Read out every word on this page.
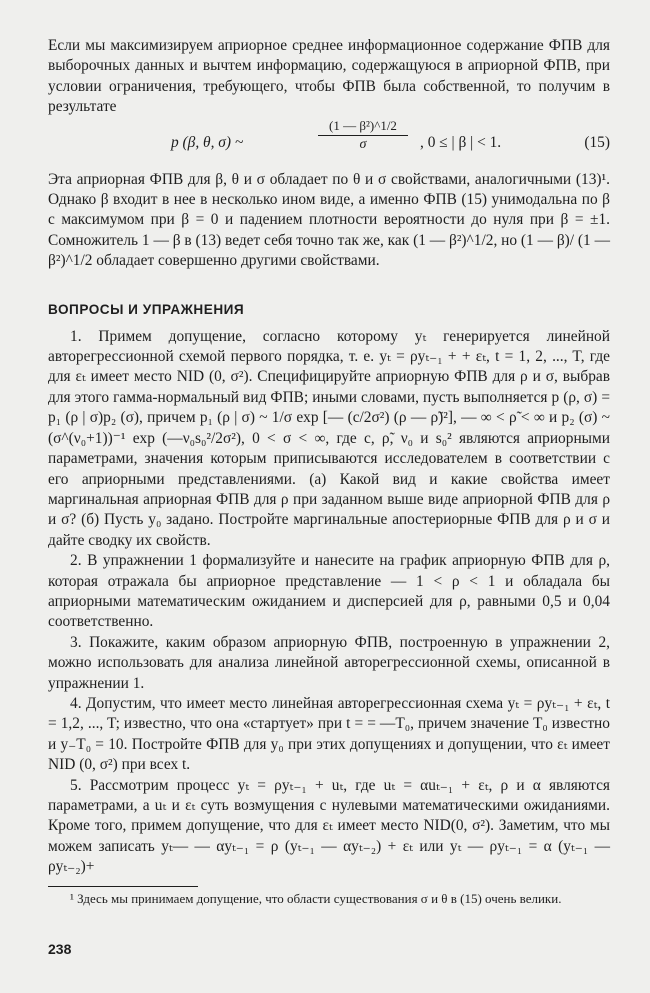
Если мы максимизируем априорное среднее информационное содержание ФПВ для выборочных данных и вычтем информацию, содержащуюся в априорной ФПВ, при условии ограничения, требующего, чтобы ФПВ была собственной, то получим в результате

p (β, θ, σ) ~	$\frac{\text{(1 — β²)\textasciicircum{}1/2}}{\sigma}$ , 0 ≤ | β | < 1.	(15)

Эта априорная ФПВ для β, θ и σ обладает по θ и σ свойствами, аналогичными (13)¹. Однако β входит в нее в несколько ином виде, а именно ФПВ (15) унимодальна по β с максимумом при β = 0 и падением плотности вероятности до нуля при β = ±1. Сомножитель 1 — β в (13) ведет себя точно так же, как (1 — β²)^1/2, но (1 — β)/ (1 — β²)^1/2 обладает совершенно другими свойствами.

ВОПРОСЫ И УПРАЖНЕНИЯ

1. Примем допущение, согласно которому yₜ генерируется линейной авторегрессионной схемой первого порядка, т. е. yₜ = ρyₜ₋₁ + + εₜ, t = 1, 2, ..., T, где для εₜ имеет место NID (0, σ²). Специфицируйте априорную ФПВ для ρ и σ, выбрав для этого гамма-нормальный вид ФПВ; иными словами, пусть выполняется p (ρ, σ) = p₁ (ρ | σ)p₂ (σ), причем p₁ (ρ | σ) ~ 1/σ exp [— (c/2σ²) (ρ — ρ̃)²], — ∞ < ρ̃ < ∞ и p₂ (σ) ~ (σ^(ν₀+1))⁻¹ exp (—ν₀s₀²/2σ²), 0 < σ < ∞, где c, ρ̃, ν₀ и s₀² являются априорными параметрами, значения которым приписываются исследователем в соответствии с его априорными представлениями. (а) Какой вид и какие свойства имеет маргинальная априорная ФПВ для ρ при заданном выше виде априорной ФПВ для ρ и σ? (б) Пусть y₀ задано. Постройте маргинальные апостериорные ФПВ для ρ и σ и дайте сводку их свойств.

2. В упражнении 1 формализуйте и нанесите на график априорную ФПВ для ρ, которая отражала бы априорное представление — 1 < ρ < 1 и обладала бы априорными математическим ожиданием и дисперсией для ρ, равными 0,5 и 0,04 соответственно.

3. Покажите, каким образом априорную ФПВ, построенную в упражнении 2, можно использовать для анализа линейной авторегрессионной схемы, описанной в упражнении 1.

4. Допустим, что имеет место линейная авторегрессионная схема yₜ = ρyₜ₋₁ + εₜ, t = 1,2, ..., T; известно, что она «стартует» при t = = —T₀, причем значение T₀ известно и y₋T₀ = 10. Постройте ФПВ для y₀ при этих допущениях и допущении, что εₜ имеет NID (0, σ²) при всех t.

5. Рассмотрим процесс yₜ = ρyₜ₋₁ + uₜ, где uₜ = αuₜ₋₁ + εₜ, ρ и α являются параметрами, а uₜ и εₜ суть возмущения с нулевыми математическими ожиданиями. Кроме того, примем допущение, что для εₜ имеет место NID(0, σ²). Заметим, что мы можем записать yₜ— — αyₜ₋₁ = ρ (yₜ₋₁ — αyₜ₋₂) + εₜ или yₜ — ρyₜ₋₁ = α (yₜ₋₁ — ρyₜ₋₂)+

¹ Здесь мы принимаем допущение, что области существования σ и θ в (15) очень велики.

238
